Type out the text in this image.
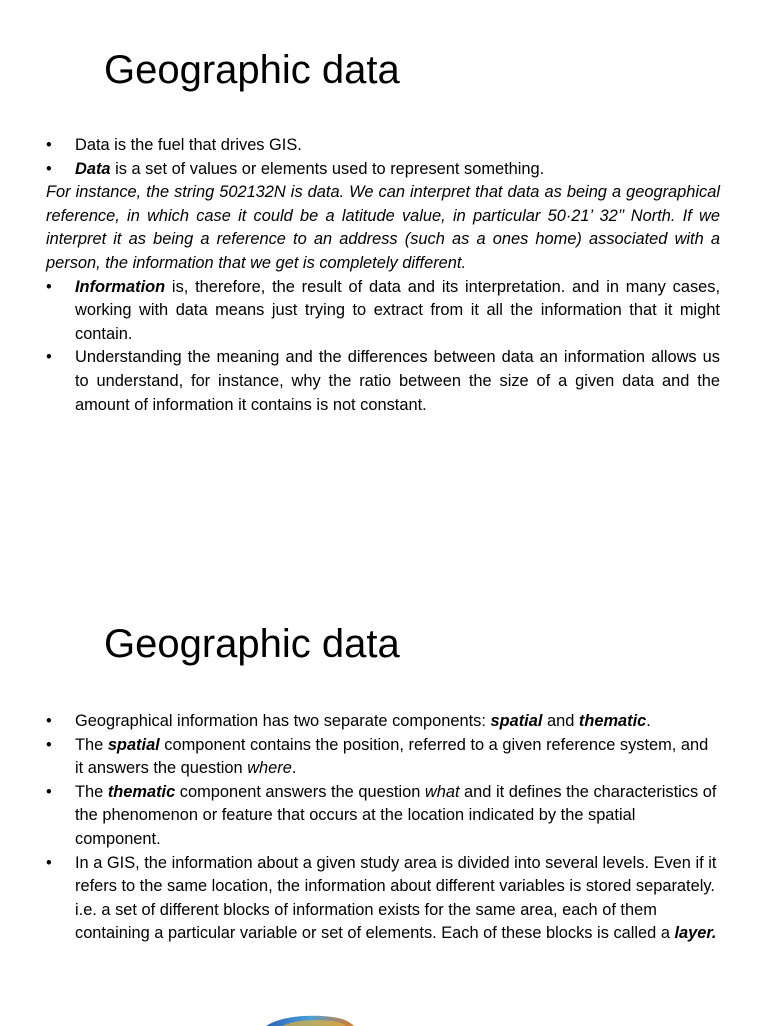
Geographic data
• Data is the fuel that drives GIS.
• Data is a set of values or elements used to represent something.
For instance, the string 502132N is data. We can interpret that data as being a geographical reference, in which case it could be a latitude value, in particular 50·21’ 32’’ North. If we interpret it as being a reference to an address (such as a ones home) associated with a person, the information that we get is completely different.
• Information is, therefore, the result of data and its interpretation. and in many cases, working with data means just trying to extract from it all the information that it might contain.
• Understanding the meaning and the differences between data an information allows us to understand, for instance, why the ratio between the size of a given data and the amount of information it contains is not constant.
Geographic data
• Geographical information has two separate components: spatial and thematic.
• The spatial component contains the position, referred to a given reference system, and it answers the question where.
• The thematic component answers the question what and it defines the characteristics of the phenomenon or feature that occurs at the location indicated by the spatial component.
• In a GIS, the information about a given study area is divided into several levels. Even if it refers to the same location, the information about different variables is stored separately. i.e. a set of different blocks of information exists for the same area, each of them containing a particular variable or set of elements. Each of these blocks is called a layer.
